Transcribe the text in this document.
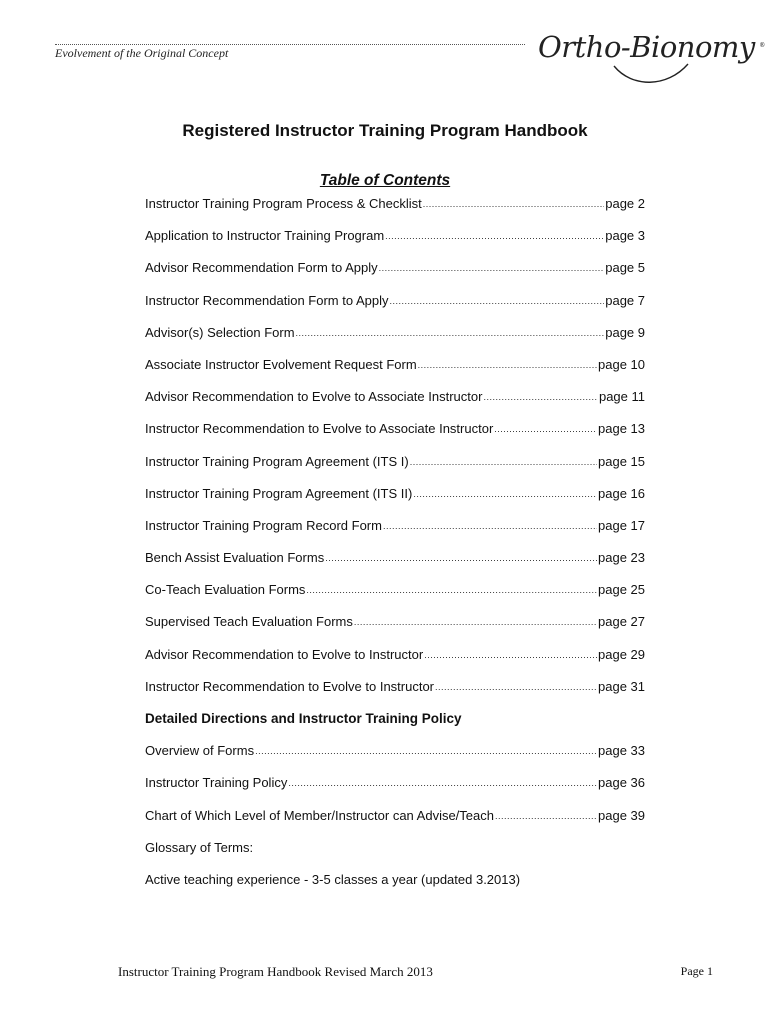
Evolvement of the Original Concept	Ortho-Bionomy ®
Registered Instructor Training Program Handbook
Table of Contents
Instructor Training Program Process & Checklist .....	page 2
Application to Instructor Training Program .....	page 3
Advisor Recommendation Form to Apply .....	page 5
Instructor Recommendation Form to Apply .....	page 7
Advisor(s) Selection Form .....	page 9
Associate Instructor Evolvement Request Form .....	page 10
Advisor Recommendation to Evolve to Associate Instructor .....	page 11
Instructor Recommendation to Evolve to Associate Instructor .....	page 13
Instructor Training Program Agreement (ITS I) .....	page 15
Instructor Training Program Agreement (ITS II) .....	page 16
Instructor Training Program Record Form .....	page 17
Bench Assist Evaluation Forms .....	page 23
Co-Teach Evaluation Forms .....	page 25
Supervised Teach Evaluation Forms .....	page 27
Advisor Recommendation to Evolve to Instructor .....	page 29
Instructor Recommendation to Evolve to Instructor .....	page 31
Detailed Directions and Instructor Training Policy
Overview of Forms .....	page 33
Instructor Training Policy .....	page 36
Chart of Which Level of Member/Instructor can Advise/Teach .....	page 39
Glossary of Terms:
Active teaching experience - 3-5 classes a year (updated 3.2013)
Instructor Training Program Handbook Revised March 2013	Page 1
